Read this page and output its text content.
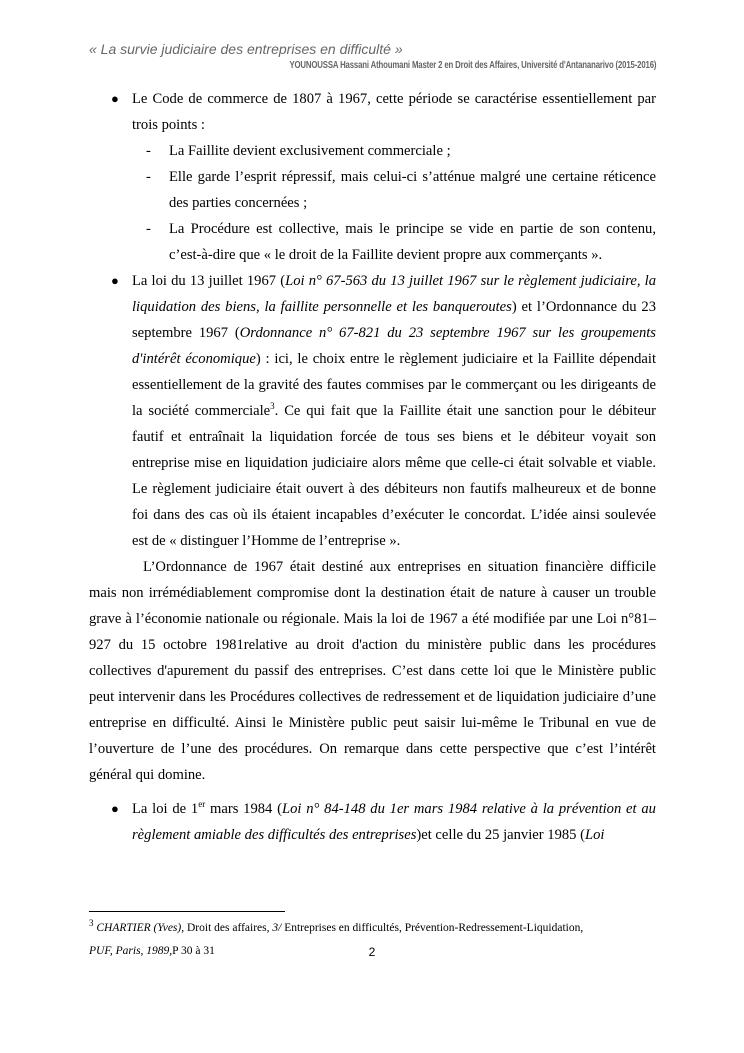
« La survie judiciaire des entreprises en difficulté »
YOUNOUSSA Hassani Athoumani Master 2 en Droit des Affaires, Université d'Antananarivo (2015-2016)
● Le Code de commerce de 1807 à 1967, cette période se caractérise essentiellement par trois points :
- La Faillite devient exclusivement commerciale ;
- Elle garde l’esprit répressif, mais celui-ci s’atténue malgré une certaine réticence des parties concernées ;
- La Procédure est collective, mais le principe se vide en partie de son contenu, c’est-à-dire que « le droit de la Faillite devient propre aux commerçants ».
● La loi du 13 juillet 1967 (Loi n° 67-563 du 13 juillet 1967 sur le règlement judiciaire, la liquidation des biens, la faillite personnelle et les banqueroutes) et l’Ordonnance du 23 septembre 1967 (Ordonnance n° 67-821 du 23 septembre 1967 sur les groupements d'intérêt économique) : ici, le choix entre le règlement judiciaire et la Faillite dépendait essentiellement de la gravité des fautes commises par le commerçant ou les dirigeants de la société commerciale$^3$. Ce qui fait que la Faillite était une sanction pour le débiteur fautif et entraînait la liquidation forcée de tous ses biens et le débiteur voyait son entreprise mise en liquidation judiciaire alors même que celle-ci était solvable et viable. Le règlement judiciaire était ouvert à des débiteurs non fautifs malheureux et de bonne foi dans des cas où ils étaient incapables d’exécuter le concordat. L’idée ainsi soulevée est de « distinguer l’Homme de l’entreprise ».
L’Ordonnance de 1967 était destiné aux entreprises en situation financière difficile mais non irrémédiablement compromise dont la destination était de nature à causer un trouble grave à l’économie nationale ou régionale. Mais la loi de 1967 a été modifiée par une Loi n°81–927 du 15 octobre 1981relative au droit d'action du ministère public dans les procédures collectives d'apurement du passif des entreprises. C’est dans cette loi que le Ministère public peut intervenir dans les Procédures collectives de redressement et de liquidation judiciaire d’une entreprise en difficulté. Ainsi le Ministère public peut saisir lui-même le Tribunal en vue de l’ouverture de l’une des procédures. On remarque dans cette perspective que c’est l’intérêt général qui domine.
● La loi de 1er mars 1984 (Loi n° 84-148 du 1er mars 1984 relative à la prévention et au règlement amiable des difficultés des entreprises)et celle du 25 janvier 1985 (Loi
$^3$ CHARTIER (Yves), Droit des affaires, 3/ Entreprises en difficultés, Prévention-Redressement-Liquidation,
PUF, Paris, 1989,P 30 à 31	2
